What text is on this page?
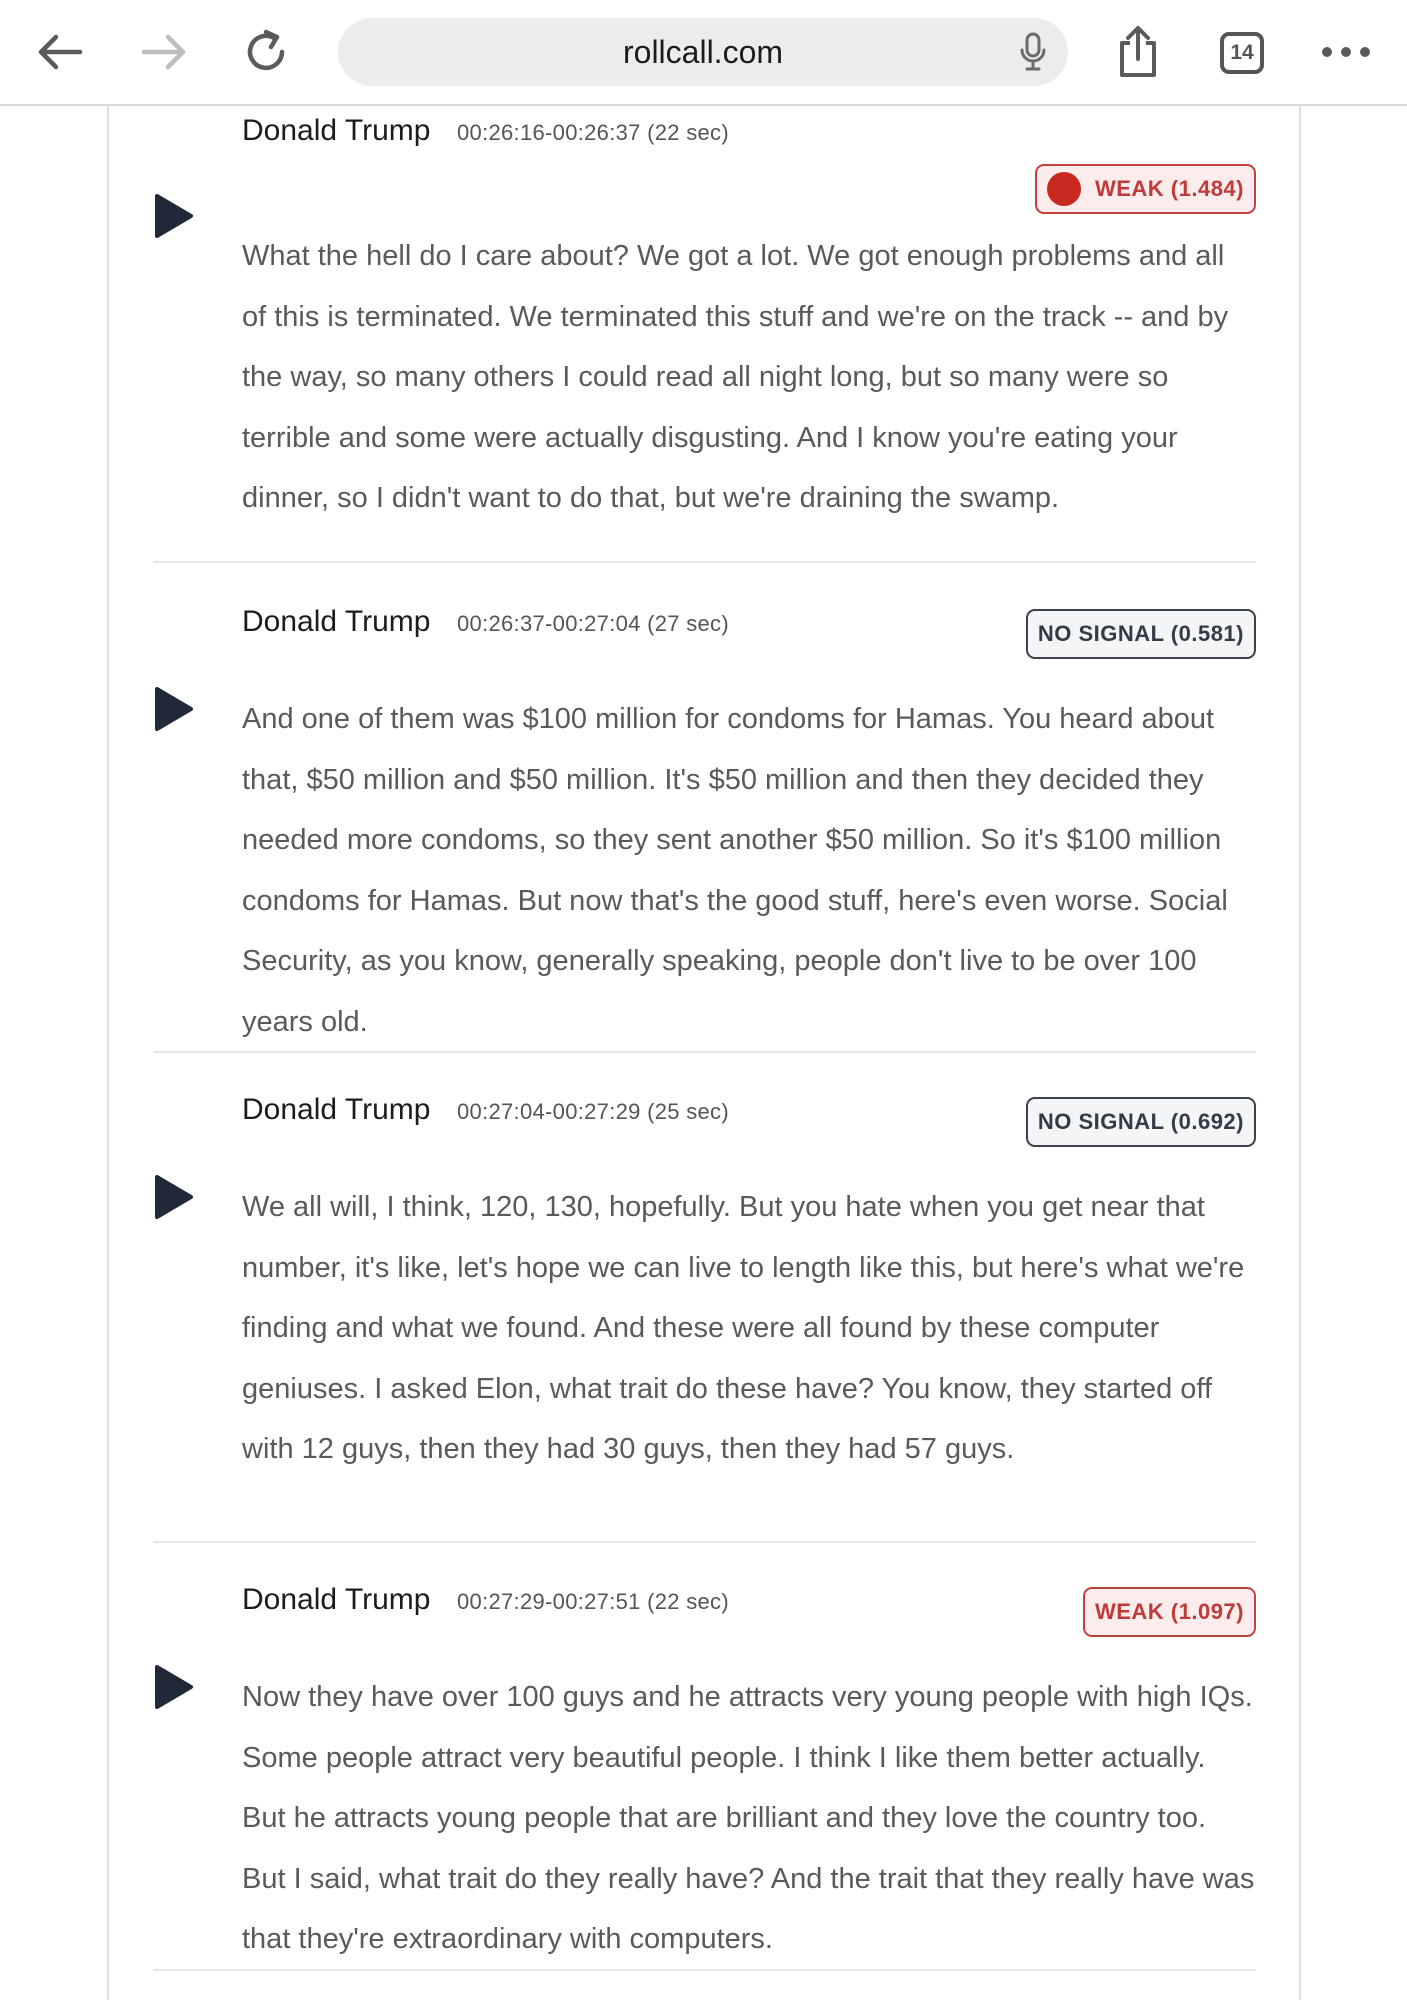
rollcall.com	14
Donald Trump 00:26:16-00:26:37 (22 sec)
WEAK (1.484)
What the hell do I care about? We got a lot. We got enough problems and all of this is terminated. We terminated this stuff and we're on the track -- and by the way, so many others I could read all night long, but so many were so terrible and some were actually disgusting. And I know you're eating your dinner, so I didn't want to do that, but we're draining the swamp.
Donald Trump 00:26:37-00:27:04 (27 sec)	NO SIGNAL (0.581)
And one of them was $100 million for condoms for Hamas. You heard about that, $50 million and $50 million. It's $50 million and then they decided they needed more condoms, so they sent another $50 million. So it's $100 million condoms for Hamas. But now that's the good stuff, here's even worse. Social Security, as you know, generally speaking, people don't live to be over 100 years old.
Donald Trump 00:27:04-00:27:29 (25 sec)	NO SIGNAL (0.692)
We all will, I think, 120, 130, hopefully. But you hate when you get near that number, it's like, let's hope we can live to length like this, but here's what we're finding and what we found. And these were all found by these computer geniuses. I asked Elon, what trait do these have? You know, they started off with 12 guys, then they had 30 guys, then they had 57 guys.
Donald Trump 00:27:29-00:27:51 (22 sec)	WEAK (1.097)
Now they have over 100 guys and he attracts very young people with high IQs. Some people attract very beautiful people. I think I like them better actually. But he attracts young people that are brilliant and they love the country too. But I said, what trait do they really have? And the trait that they really have was that they're extraordinary with computers.
